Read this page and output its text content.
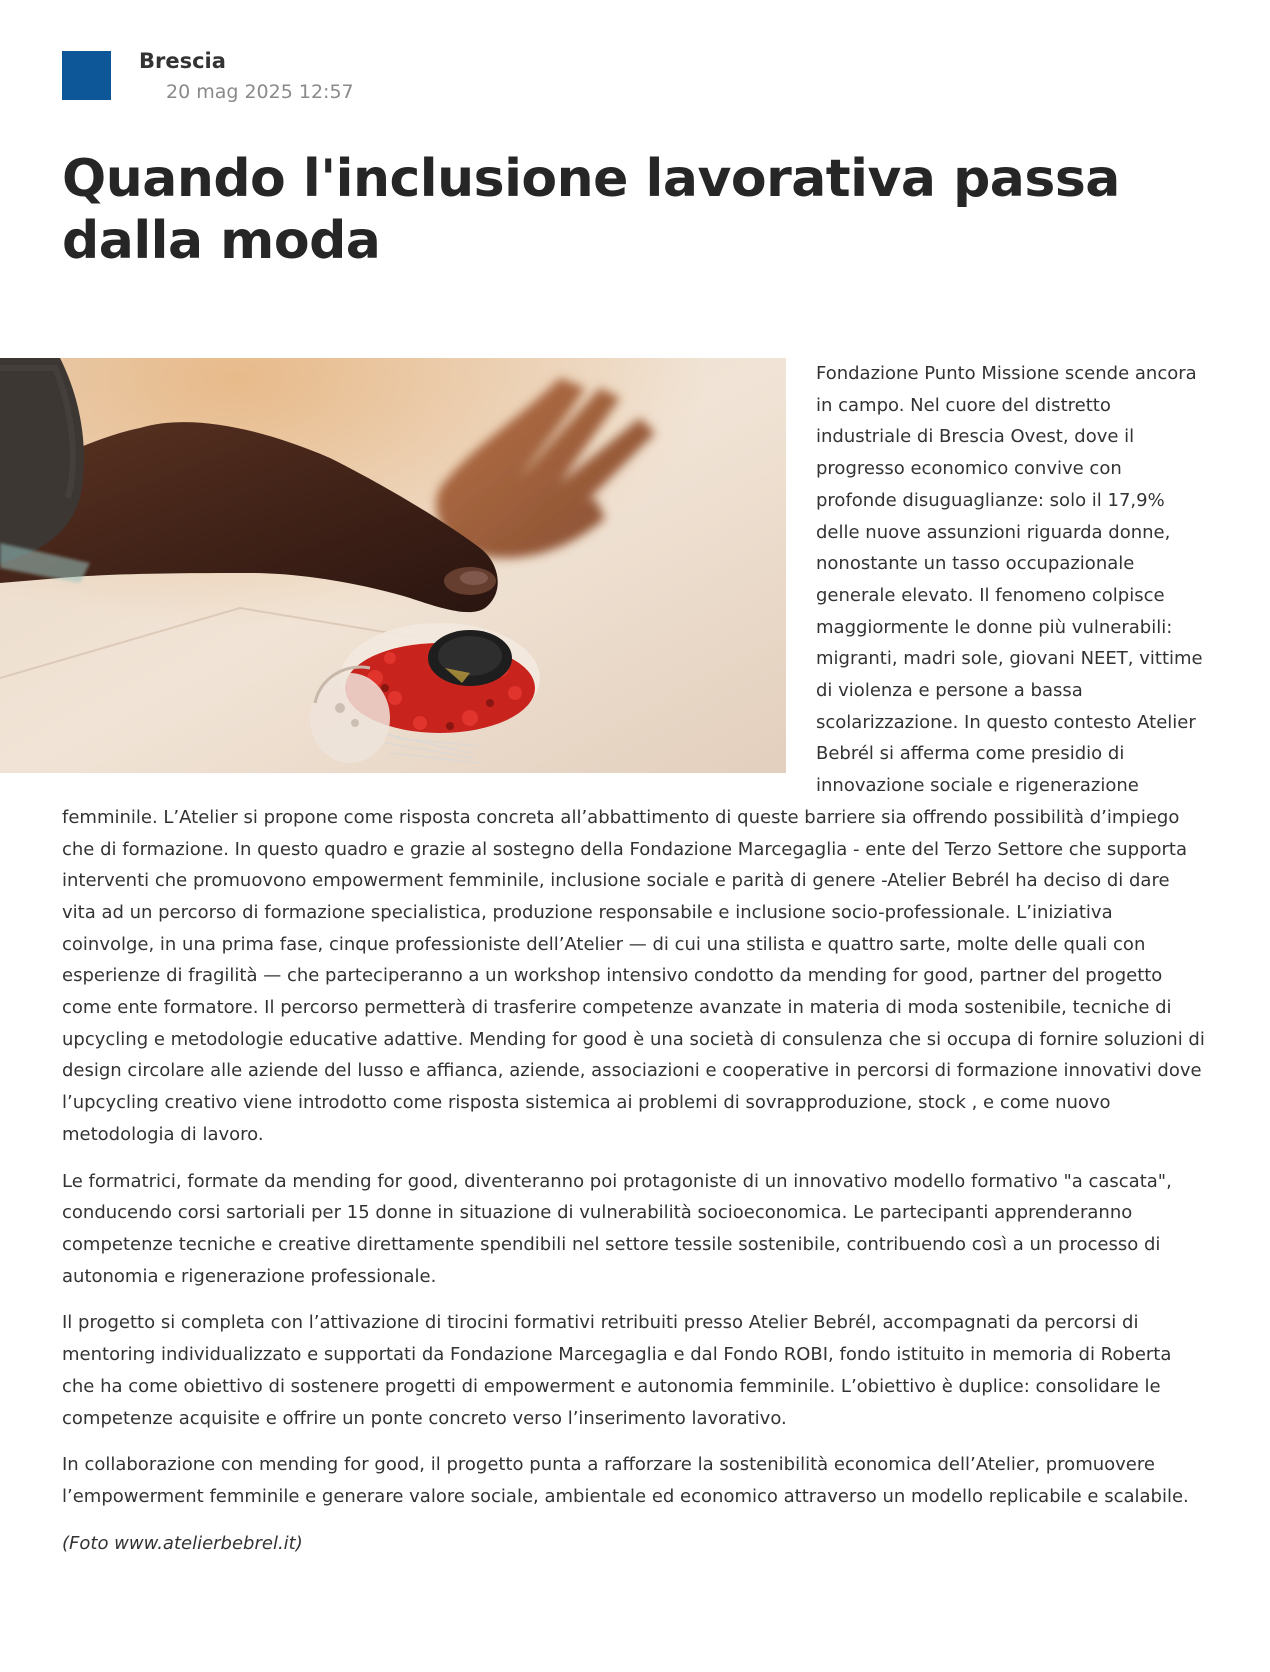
Brescia
20 mag 2025 12:57
Quando l'inclusione lavorativa passa dalla moda

Fondazione Punto Missione scende ancora in campo. Nel cuore del distretto industriale di Brescia Ovest, dove il progresso economico convive con profonde disuguaglianze: solo il 17,9% delle nuove assunzioni riguarda donne, nonostante un tasso occupazionale generale elevato. Il fenomeno colpisce maggiormente le donne più vulnerabili: migranti, madri sole, giovani NEET, vittime di violenza e persone a bassa scolarizzazione. In questo contesto Atelier Bebrél si afferma come presidio di innovazione sociale e rigenerazione femminile. L’Atelier si propone come risposta concreta all’abbattimento di queste barriere sia offrendo possibilità d’impiego che di formazione. In questo quadro e grazie al sostegno della Fondazione Marcegaglia - ente del Terzo Settore che supporta interventi che promuovono empowerment femminile, inclusione sociale e parità di genere -Atelier Bebrél ha deciso di dare vita ad un percorso di formazione specialistica, produzione responsabile e inclusione socio-professionale. L’iniziativa coinvolge, in una prima fase, cinque professioniste dell’Atelier — di cui una stilista e quattro sarte, molte delle quali con esperienze di fragilità — che parteciperanno a un workshop intensivo condotto da mending for good, partner del progetto come ente formatore. Il percorso permetterà di trasferire competenze avanzate in materia di moda sostenibile, tecniche di upcycling e metodologie educative adattive. Mending for good è una società di consulenza che si occupa di fornire soluzioni di design circolare alle aziende del lusso e affianca, aziende, associazioni e cooperative in percorsi di formazione innovativi dove l’upcycling creativo viene introdotto come risposta sistemica ai problemi di sovrapproduzione, stock , e come nuovo metodologia di lavoro.

Le formatrici, formate da mending for good, diventeranno poi protagoniste di un innovativo modello formativo "a cascata", conducendo corsi sartoriali per 15 donne in situazione di vulnerabilità socioeconomica. Le partecipanti apprenderanno competenze tecniche e creative direttamente spendibili nel settore tessile sostenibile, contribuendo così a un processo di autonomia e rigenerazione professionale.

Il progetto si completa con l’attivazione di tirocini formativi retribuiti presso Atelier Bebrél, accompagnati da percorsi di mentoring individualizzato e supportati da Fondazione Marcegaglia e dal Fondo ROBI, fondo istituito in memoria di Roberta che ha come obiettivo di sostenere progetti di empowerment e autonomia femminile. L’obiettivo è duplice: consolidare le competenze acquisite e offrire un ponte concreto verso l’inserimento lavorativo.

In collaborazione con mending for good, il progetto punta a rafforzare la sostenibilità economica dell’Atelier, promuovere l’empowerment femminile e generare valore sociale, ambientale ed economico attraverso un modello replicabile e scalabile.

(Foto www.atelierbebrel.it)
